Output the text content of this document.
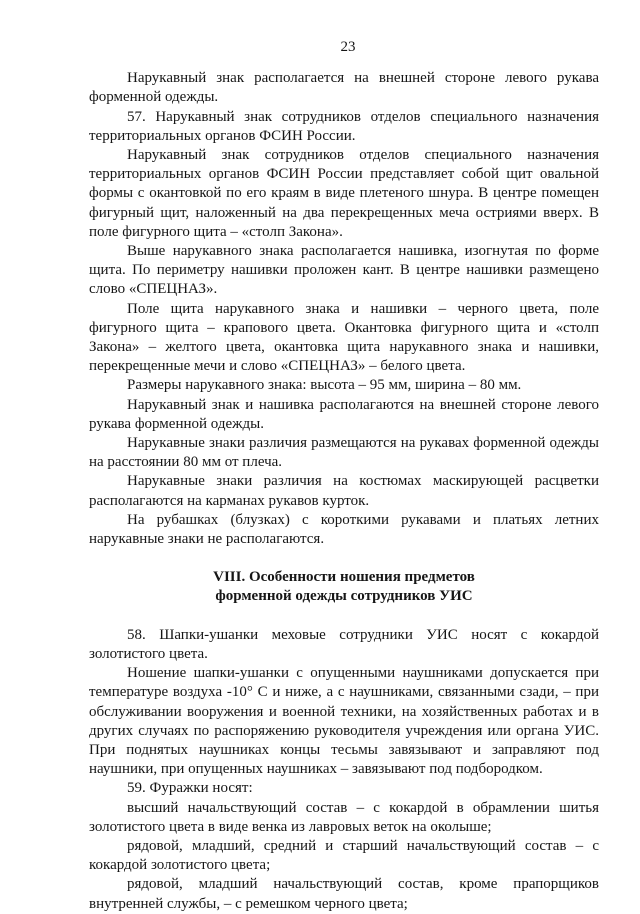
23

Нарукавный знак располагается на внешней стороне левого рукава форменной одежды.

57. Нарукавный знак сотрудников отделов специального назначения территориальных органов ФСИН России.

Нарукавный знак сотрудников отделов специального назначения территориальных органов ФСИН России представляет собой щит овальной формы с окантовкой по его краям в виде плетеного шнура. В центре помещен фигурный щит, наложенный на два перекрещенных меча остриями вверх. В поле фигурного щита – «столп Закона».

Выше нарукавного знака располагается нашивка, изогнутая по форме щита. По периметру нашивки проложен кант. В центре нашивки размещено слово «СПЕЦНАЗ».

Поле щита нарукавного знака и нашивки – черного цвета, поле фигурного щита – крапового цвета. Окантовка фигурного щита и «столп Закона» – желтого цвета, окантовка щита нарукавного знака и нашивки, перекрещенные мечи и слово «СПЕЦНАЗ» – белого цвета.

Размеры нарукавного знака: высота – 95 мм, ширина – 80 мм.

Нарукавный знак и нашивка располагаются на внешней стороне левого рукава форменной одежды.

Нарукавные знаки различия размещаются на рукавах форменной одежды на расстоянии 80 мм от плеча.

Нарукавные знаки различия на костюмах маскирующей расцветки располагаются на карманах рукавов курток.

На рубашках (блузках) с короткими рукавами и платьях летних нарукавные знаки не располагаются.

VIII. Особенности ношения предметов
форменной одежды сотрудников УИС

58. Шапки-ушанки меховые сотрудники УИС носят с кокардой золотистого цвета.

Ношение шапки-ушанки с опущенными наушниками допускается при температуре воздуха -10° С и ниже, а с наушниками, связанными сзади, – при обслуживании вооружения и военной техники, на хозяйственных работах и в других случаях по распоряжению руководителя учреждения или органа УИС. При поднятых наушниках концы тесьмы завязывают и заправляют под наушники, при опущенных наушниках – завязывают под подбородком.

59. Фуражки носят:

высший начальствующий состав – с кокардой в обрамлении шитья золотистого цвета в виде венка из лавровых веток на околыше;

рядовой, младший, средний и старший начальствующий состав – с кокардой золотистого цвета;

рядовой, младший начальствующий состав, кроме прапорщиков внутренней службы, – с ремешком черного цвета;
